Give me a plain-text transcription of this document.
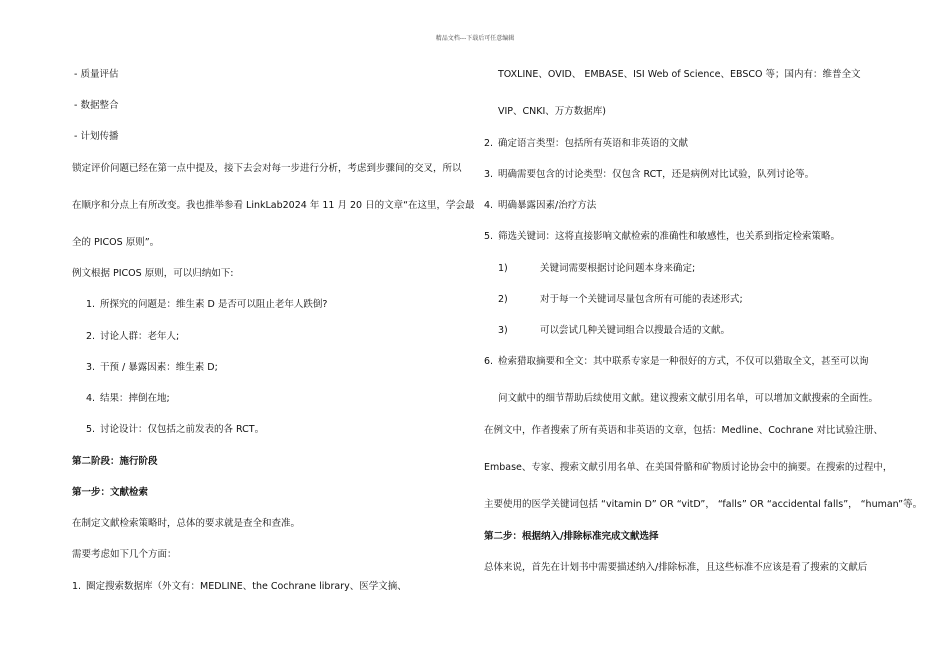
精品文档---下载后可任意编辑
- 质量评估
- 数据整合
- 计划传播
锁定评价问题已经在第一点中提及，接下去会对每一步进行分析，考虑到步骤间的交叉，所以
在顺序和分点上有所改变。我也推举参看 LinkLab2024 年 11 月 20 日的文章“在这里，学会最
全的 PICOS 原则”。
例文根据 PICOS 原则，可以归纳如下:
1. 所探究的问题是：维生素 D 是否可以阻止老年人跌倒?
2. 讨论人群：老年人;
3. 干预 / 暴露因素：维生素 D;
4. 结果：摔倒在地;
5. 讨论设计：仅包括之前发表的各 RCT。
第二阶段：施行阶段
第一步：文献检索
在制定文献检索策略时，总体的要求就是查全和查准。
需要考虑如下几个方面：
1. 圈定搜索数据库（外文有：MEDLINE、the Cochrane library、医学文摘、
TOXLINE、OVID、 EMBASE、ISI Web of Science、EBSCO 等；国内有：维普全文
VIP、CNKI、万方数据库)
2. 确定语言类型：包括所有英语和非英语的文献
3. 明确需要包含的讨论类型：仅包含 RCT，还是病例对比试验，队列讨论等。
4. 明确暴露因素/治疗方法
5. 筛选关键词：这将直接影响文献检索的准确性和敏感性，也关系到指定检索策略。
1)	关键词需要根据讨论问题本身来确定;
2)	对于每一个关键词尽量包含所有可能的表述形式;
3)	可以尝试几种关键词组合以搜最合适的文献。
6. 检索猎取摘要和全文：其中联系专家是一种很好的方式，不仅可以猎取全文，甚至可以询
问文献中的细节帮助后续使用文献。建议搜索文献引用名单，可以增加文献搜索的全面性。
在例文中，作者搜索了所有英语和非英语的文章，包括：Medline、Cochrane 对比试验注册、
Embase、专家、搜索文献引用名单、在美国骨骼和矿物质讨论协会中的摘要。在搜索的过程中，
主要使用的医学关键词包括 “vitamin D” OR “vitD”， “falls” OR “accidental falls”， “human”等。
第二步：根据纳入/排除标准完成文献选择
总体来说，首先在计划书中需要描述纳入/排除标准，且这些标准不应该是看了搜索的文献后
